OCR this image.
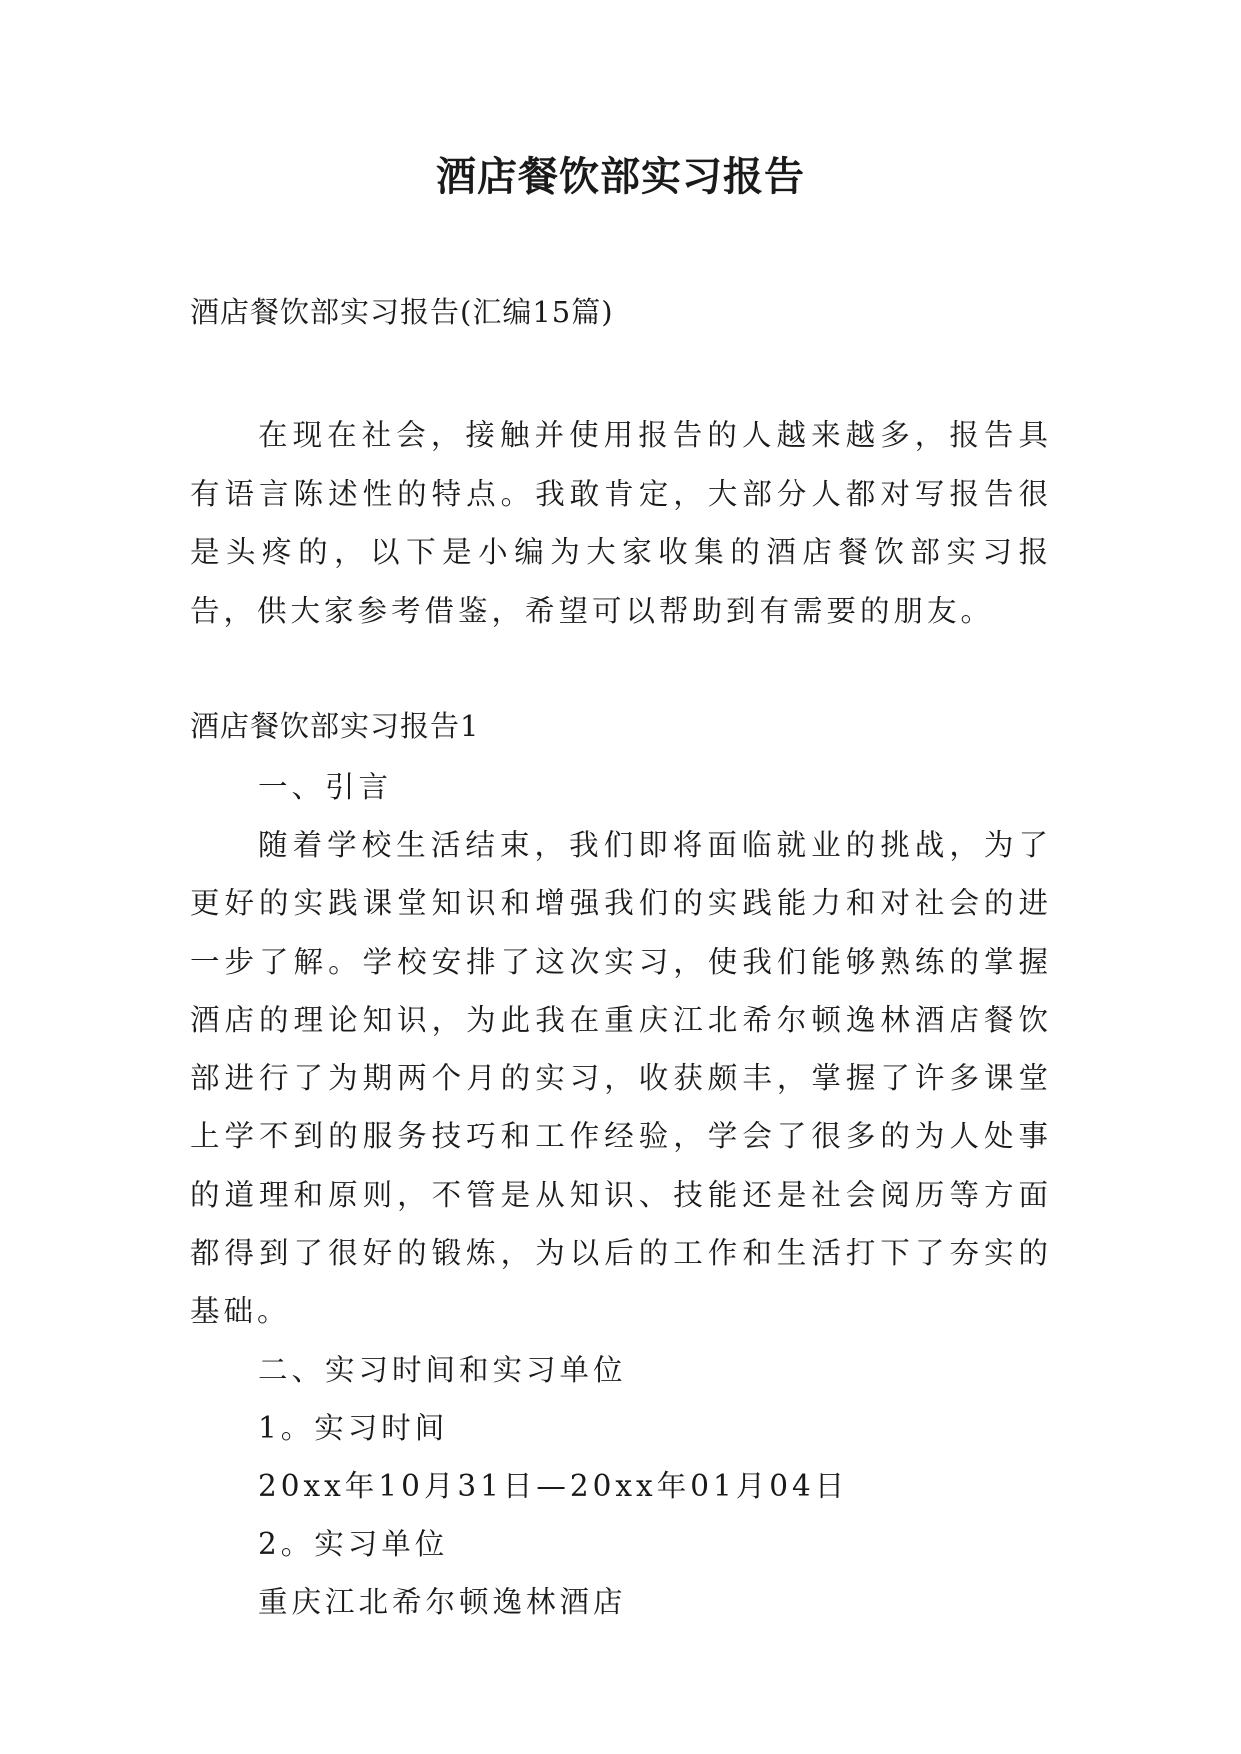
酒店餐饮部实习报告
酒店餐饮部实习报告(汇编15篇)

在现在社会，接触并使用报告的人越来越多，报告具有语言陈述性的特点。我敢肯定，大部分人都对写报告很是头疼的，以下是小编为大家收集的酒店餐饮部实习报告，供大家参考借鉴，希望可以帮助到有需要的朋友。

酒店餐饮部实习报告1

一、引言

随着学校生活结束，我们即将面临就业的挑战，为了更好的实践课堂知识和增强我们的实践能力和对社会的进一步了解。学校安排了这次实习，使我们能够熟练的掌握酒店的理论知识，为此我在重庆江北希尔顿逸林酒店餐饮部进行了为期两个月的实习，收获颇丰，掌握了许多课堂上学不到的服务技巧和工作经验，学会了很多的为人处事的道理和原则，不管是从知识、技能还是社会阅历等方面都得到了很好的锻炼，为以后的工作和生活打下了夯实的基础。

二、实习时间和实习单位

1。实习时间

20xx年10月31日—20xx年01月04日

2。实习单位

重庆江北希尔顿逸林酒店
